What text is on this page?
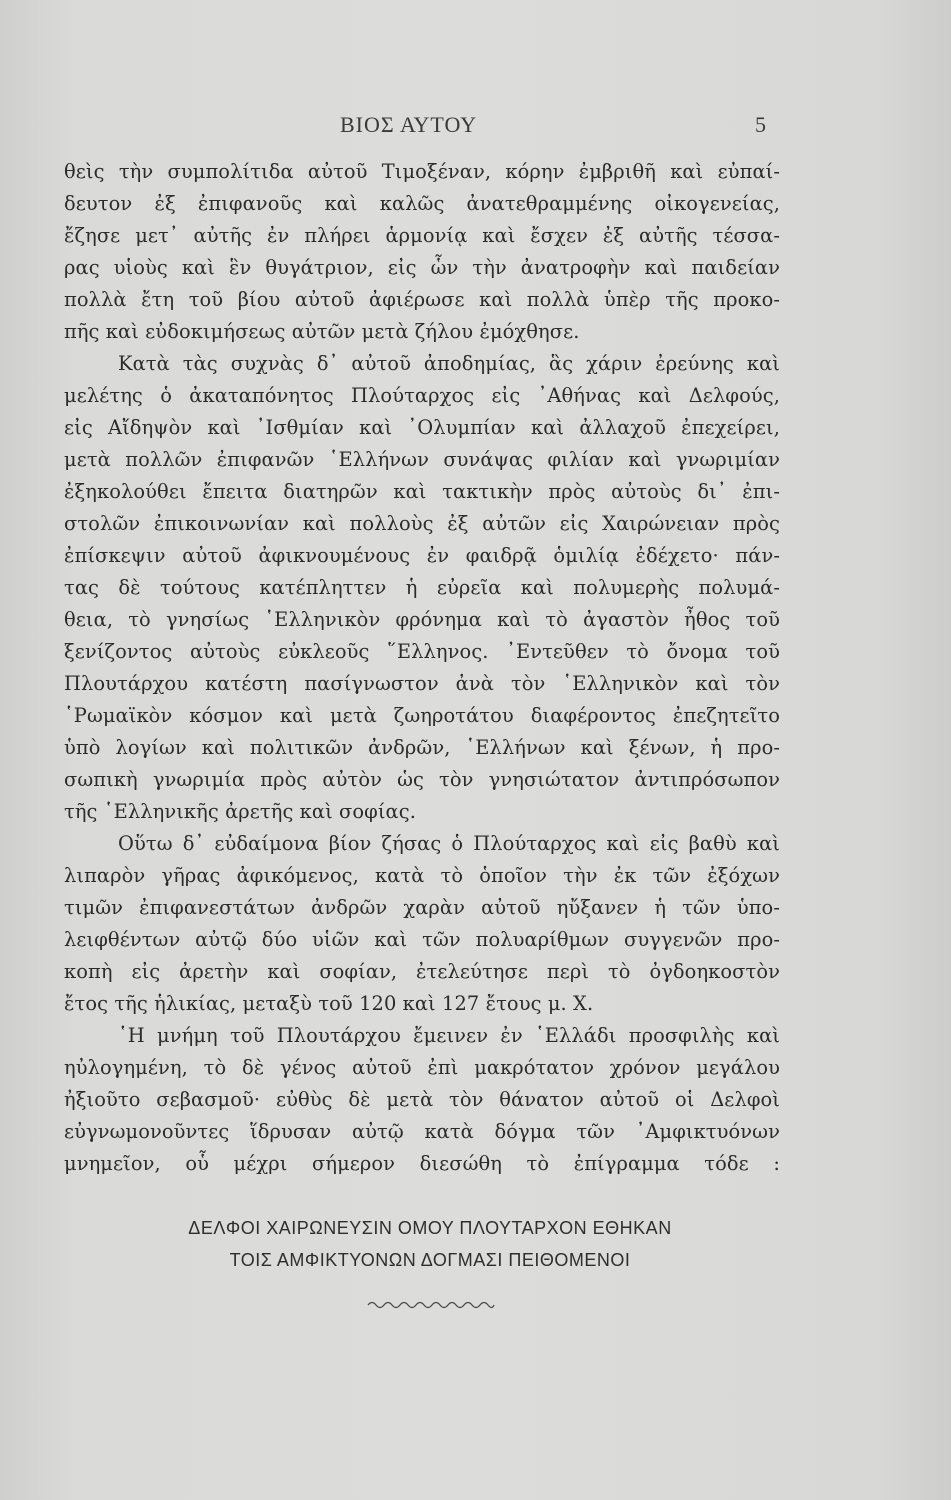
ΒΙΟΣ ΑΥΤΟΥ	5
θεὶς τὴν συμπολίτιδα αὐτοῦ Τιμοξέναν, κόρην ἐμβριθῆ καὶ εὐπαί-
δευτον ἐξ ἐπιφανοῦς καὶ καλῶς ἀνατεθραμμένης οἰκογενείας,
ἔζησε μετ᾿ αὐτῆς ἐν πλήρει ἁρμονίᾳ καὶ ἔσχεν ἐξ αὐτῆς τέσσα-
ρας υἱοὺς καὶ ἓν θυγάτριον, εἰς ὧν τὴν ἀνατροφὴν καὶ παιδείαν
πολλὰ ἔτη τοῦ βίου αὐτοῦ ἀφιέρωσε καὶ πολλὰ ὑπὲρ τῆς προκο-
πῆς καὶ εὐδοκιμήσεως αὐτῶν μετὰ ζήλου ἐμόχθησε.
Κατὰ τὰς συχνὰς δ᾿ αὐτοῦ ἀποδημίας, ἃς χάριν ἐρεύνης καὶ
μελέτης ὁ ἀκαταπόνητος Πλούταρχος εἰς ᾿Αθήνας καὶ Δελφούς,
εἰς Αἴδηψὸν καὶ ᾿Ισθμίαν καὶ ᾿Ολυμπίαν καὶ ἀλλαχοῦ ἐπεχείρει,
μετὰ πολλῶν ἐπιφανῶν ῾Ελλήνων συνάψας φιλίαν καὶ γνωριμίαν
ἐξηκολούθει ἔπειτα διατηρῶν καὶ τακτικὴν πρὸς αὐτοὺς δι᾿ ἐπι-
στολῶν ἐπικοινωνίαν καὶ πολλοὺς ἐξ αὐτῶν εἰς Χαιρώνειαν πρὸς
ἐπίσκεψιν αὐτοῦ ἀφικνουμένους ἐν φαιδρᾷ ὁμιλίᾳ ἐδέχετο· πάν-
τας δὲ τούτους κατέπληττεν ἡ εὐρεῖα καὶ πολυμερὴς πολυμά-
θεια, τὸ γνησίως ῾Ελληνικὸν φρόνημα καὶ τὸ ἀγαστὸν ἦθος τοῦ
ξενίζοντος αὐτοὺς εὐκλεοῦς ῞Ελληνος. ᾿Εντεῦθεν τὸ ὄνομα τοῦ
Πλουτάρχου κατέστη πασίγνωστον ἀνὰ τὸν ῾Ελληνικὸν καὶ τὸν
῾Ρωμαϊκὸν κόσμον καὶ μετὰ ζωηροτάτου διαφέροντος ἐπεζητεῖτο
ὑπὸ λογίων καὶ πολιτικῶν ἀνδρῶν, ῾Ελλήνων καὶ ξένων, ἡ προ-
σωπικὴ γνωριμία πρὸς αὐτὸν ὡς τὸν γνησιώτατον ἀντιπρόσωπον
τῆς ῾Ελληνικῆς ἀρετῆς καὶ σοφίας.
Οὕτω δ᾿ εὐδαίμονα βίον ζήσας ὁ Πλούταρχος καὶ εἰς βαθὺ καὶ
λιπαρὸν γῆρας ἀφικόμενος, κατὰ τὸ ὁποῖον τὴν ἐκ τῶν ἐξόχων
τιμῶν ἐπιφανεστάτων ἀνδρῶν χαρὰν αὐτοῦ ηὔξανεν ἡ τῶν ὑπο-
λειφθέντων αὐτῷ δύο υἱῶν καὶ τῶν πολυαρίθμων συγγενῶν προ-
κοπὴ εἰς ἀρετὴν καὶ σοφίαν, ἐτελεύτησε περὶ τὸ ὀγδοηκοστὸν
ἔτος τῆς ἡλικίας, μεταξὺ τοῦ 120 καὶ 127 ἔτους μ. Χ.
῾Η μνήμη τοῦ Πλουτάρχου ἔμεινεν ἐν ῾Ελλάδι προσφιλὴς καὶ
ηὐλογημένη, τὸ δὲ γένος αὐτοῦ ἐπὶ μακρότατον χρόνον μεγάλου
ἠξιοῦτο σεβασμοῦ· εὐθὺς δὲ μετὰ τὸν θάνατον αὐτοῦ οἱ Δελφοὶ
εὐγνωμονοῦντες ἵδρυσαν αὐτῷ κατὰ δόγμα τῶν ᾿Αμφικτυόνων
μνημεῖον, οὗ μέχρι σήμερον διεσώθη τὸ ἐπίγραμμα τόδε :
ΔΕΛΦΟΙ ΧΑΙΡΩΝΕΥΣΙΝ ΟΜΟΥ ΠΛΟΥΤΑΡΧΟΝ ΕΘΗΚΑΝ
ΤΟΙΣ ΑΜΦΙΚΤΥΟΝΩΝ ΔΟΓΜΑΣΙ ΠΕΙΘΟΜΕΝΟΙ
